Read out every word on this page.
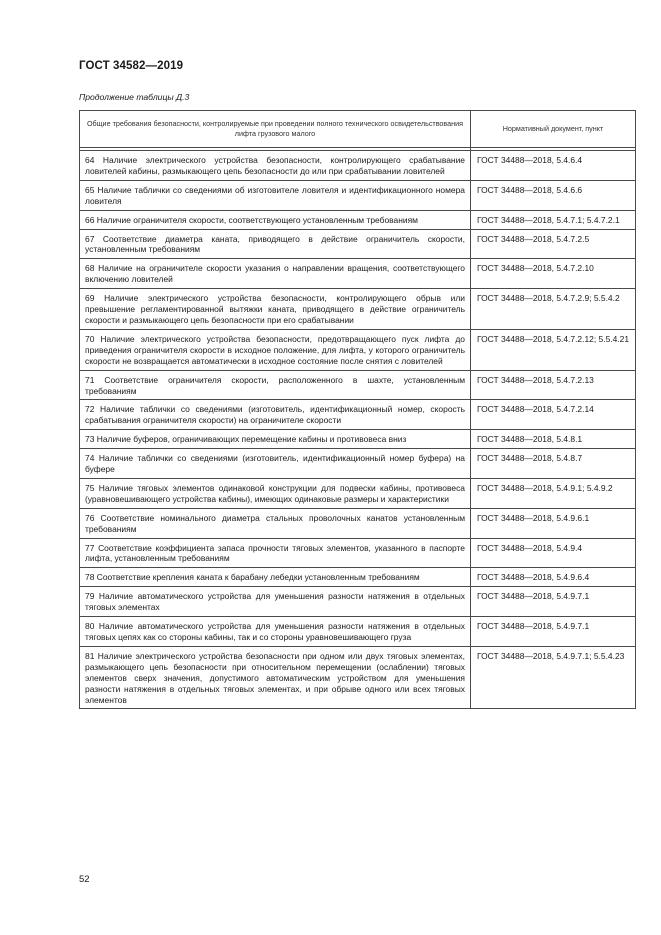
ГОСТ 34582—2019
Продолжение таблицы Д.3
Общие требования безопасности, контролируемые при проведении полного технического освидетельствования лифта грузового малого	Нормативный документ, пункт

64 Наличие электрического устройства безопасности, контролирующего срабатывание ловителей кабины, размыкающего цепь безопасности до или при срабатывании ловителей	ГОСТ 34488—2018, 5.4.6.4
65 Наличие таблички со сведениями об изготовителе ловителя и идентификационного номера ловителя	ГОСТ 34488—2018, 5.4.6.6
66 Наличие ограничителя скорости, соответствующего установленным требованиям	ГОСТ 34488—2018, 5.4.7.1; 5.4.7.2.1
67 Соответствие диаметра каната, приводящего в действие ограничитель скорости, установленным требованиям	ГОСТ 34488—2018, 5.4.7.2.5
68 Наличие на ограничителе скорости указания о направлении вращения, соответствующего включению ловителей	ГОСТ 34488—2018, 5.4.7.2.10
69 Наличие электрического устройства безопасности, контролирующего обрыв или превышение регламентированной вытяжки каната, приводящего в действие ограничитель скорости и размыкающего цепь безопасности при его срабатывании	ГОСТ 34488—2018, 5.4.7.2.9; 5.5.4.2
70 Наличие электрического устройства безопасности, предотвращающего пуск лифта до приведения ограничителя скорости в исходное положение, для лифта, у которого ограничитель скорости не возвращается автоматически в исходное состояние после снятия с ловителей	ГОСТ 34488—2018, 5.4.7.2.12; 5.5.4.21
71 Соответствие ограничителя скорости, расположенного в шахте, установленным требованиям	ГОСТ 34488—2018, 5.4.7.2.13
72 Наличие таблички со сведениями (изготовитель, идентификационный номер, скорость срабатывания ограничителя скорости) на ограничителе скорости	ГОСТ 34488—2018, 5.4.7.2.14
73 Наличие буферов, ограничивающих перемещение кабины и противовеса вниз	ГОСТ 34488—2018, 5.4.8.1
74 Наличие таблички со сведениями (изготовитель, идентификационный номер буфера) на буфере	ГОСТ 34488—2018, 5.4.8.7
75 Наличие тяговых элементов одинаковой конструкции для подвески кабины, противовеса (уравновешивающего устройства кабины), имеющих одинаковые размеры и характеристики	ГОСТ 34488—2018, 5.4.9.1; 5.4.9.2
76 Соответствие номинального диаметра стальных проволочных канатов установленным требованиям	ГОСТ 34488—2018, 5.4.9.6.1
77 Соответствие коэффициента запаса прочности тяговых элементов, указанного в паспорте лифта, установленным требованиям	ГОСТ 34488—2018, 5.4.9.4
78 Соответствие крепления каната к барабану лебедки установленным требованиям	ГОСТ 34488—2018, 5.4.9.6.4
79 Наличие автоматического устройства для уменьшения разности натяжения в отдельных тяговых элементах	ГОСТ 34488—2018, 5.4.9.7.1
80 Наличие автоматического устройства для уменьшения разности натяжения в отдельных тяговых цепях как со стороны кабины, так и со стороны уравновешивающего груза	ГОСТ 34488—2018, 5.4.9.7.1
81 Наличие электрического устройства безопасности при одном или двух тяговых элементах, размыкающего цепь безопасности при относительном перемещении (ослаблении) тяговых элементов сверх значения, допустимого автоматическим устройством для уменьшения разности натяжения в отдельных тяговых элементах, и при обрыве одного или всех тяговых элементов	ГОСТ 34488—2018, 5.4.9.7.1; 5.5.4.23
52
